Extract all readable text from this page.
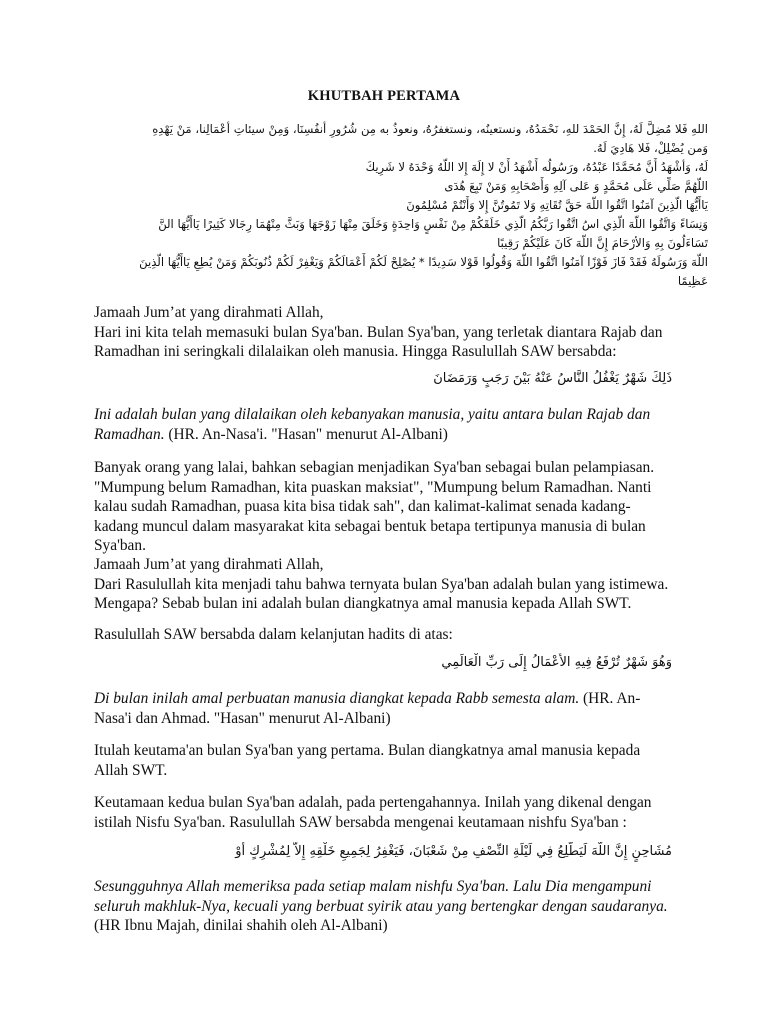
KHUTBAH PERTAMA
اللهِ فَلا مُضِلَّ لَهُ، إِنَّ الحَمْدَ للهِ، نَحْمَدُهُ، ونستعينُه، ونستغفرُهُ، ونعوذُ به مِن شُرُورِ أنفُسِنَا، وَمِنْ سيئاتِ أعْمَالِنا، مَنْ يَهْدِهِ
وَمن يُضْلِلْ، فَلا هَادِيَ لَهُ.
لَهُ، وَأشْهَدُ أَنَّ مُحَمَّدًا عَبْدُهُ، ورَسُولُه أَشْهَدُ أَنْ لا إِلَهَ إِلا اللَّهُ وَحْدَهُ لا شَرِيكَ
اللَّهُمَّ صَلِّي عَلَى مُحَمَّدٍ وَ عَلى آلِهِ وَأَصْحَابِهِ وَمَنْ تَبِعَ هُدَى
يَاأَيُّهَا الَّذِينَ آمَنُوا اتَّقُوا اللَّهَ حَقَّ تُقَاتِهِ وَلا تَمُوتُنَّ إِلا وَأَنْتُمْ مُسْلِمُونَ
وَنِسَاءً وَاتَّقُوا اللَّهَ الَّذِي اسُ اتَّقُوا رَبَّكُمُ الَّذِي خَلَقَكُمْ مِنْ نَفْسٍ وَاحِدَةٍ وَخَلَقَ مِنْهَا زَوْجَهَا وَبَثَّ مِنْهُمَا رِجَالا كَثِيرًا يَاأَيُّهَا النَّ
تَسَاءَلُونَ بِهِ وَالأرْحَامَ إِنَّ اللَّهَ كَانَ عَلَيْكُمْ رَقِيبًا
اللَّهَ وَرَسُولَهُ فَقَدْ فَازَ فَوْزًا آمَنُوا اتَّقُوا اللَّهَ وَقُولُوا قَوْلا سَدِيدًا * يُصْلِحْ لَكُمْ أَعْمَالَكُمْ وَيَغْفِرْ لَكُمْ ذُنُوبَكُمْ وَمَنْ يُطِعِ يَاأَيُّهَا الَّذِينَ
عَظِيمًا

Jamaah Jum’at yang dirahmati Allah,

Hari ini kita telah memasuki bulan Sya'ban. Bulan Sya'ban, yang terletak diantara Rajab dan Ramadhan ini seringkali dilalaikan oleh manusia. Hingga Rasulullah SAW bersabda:

ذَلِكَ شَهْرٌ يَغْفُلُ النَّاسُ عَنْهُ بَيْنَ رَجَبٍ وَرَمَضَانَ

Ini adalah bulan yang dilalaikan oleh kebanyakan manusia, yaitu antara bulan Rajab dan Ramadhan. (HR. An-Nasa'i. "Hasan" menurut Al-Albani)

Banyak orang yang lalai, bahkan sebagian menjadikan Sya'ban sebagai bulan pelampiasan. "Mumpung belum Ramadhan, kita puaskan maksiat", "Mumpung belum Ramadhan. Nanti kalau sudah Ramadhan, puasa kita bisa tidak sah", dan kalimat-kalimat senada kadang-kadang muncul dalam masyarakat kita sebagai bentuk betapa tertipunya manusia di bulan Sya'ban.

Jamaah Jum’at yang dirahmati Allah,

Dari Rasulullah kita menjadi tahu bahwa ternyata bulan Sya'ban adalah bulan yang istimewa. Mengapa? Sebab bulan ini adalah bulan diangkatnya amal manusia kepada Allah SWT.

Rasulullah SAW bersabda dalam kelanjutan hadits di atas:

وَهُوَ شَهْرٌ تُرْفَعُ فِيهِ الأَعْمَالُ إِلَى رَبِّ الْعَالَمِي

Di bulan inilah amal perbuatan manusia diangkat kepada Rabb semesta alam. (HR. An-Nasa'i dan Ahmad. "Hasan" menurut Al-Albani)

Itulah keutama'an bulan Sya'ban yang pertama. Bulan diangkatnya amal manusia kepada Allah SWT.

Keutamaan kedua bulan Sya'ban adalah, pada pertengahannya. Inilah yang dikenal dengan istilah Nisfu Sya'ban. Rasulullah SAW bersabda mengenai keutamaan nishfu Sya'ban :

مُشَاحِنٍ إِنَّ اللَّهَ لَيَطَّلِعُ فِي لَيْلَةِ النِّصْفِ مِنْ شَعْبَانَ، فَيَغْفِرُ لِجَمِيعِ خَلْقِهِ إِلاَّ لِمُشْرِكٍ أَوْ

Sesungguhnya Allah memeriksa pada setiap malam nishfu Sya'ban. Lalu Dia mengampuni seluruh makhluk-Nya, kecuali yang berbuat syirik atau yang bertengkar dengan saudaranya. (HR Ibnu Majah, dinilai shahih oleh Al-Albani)
